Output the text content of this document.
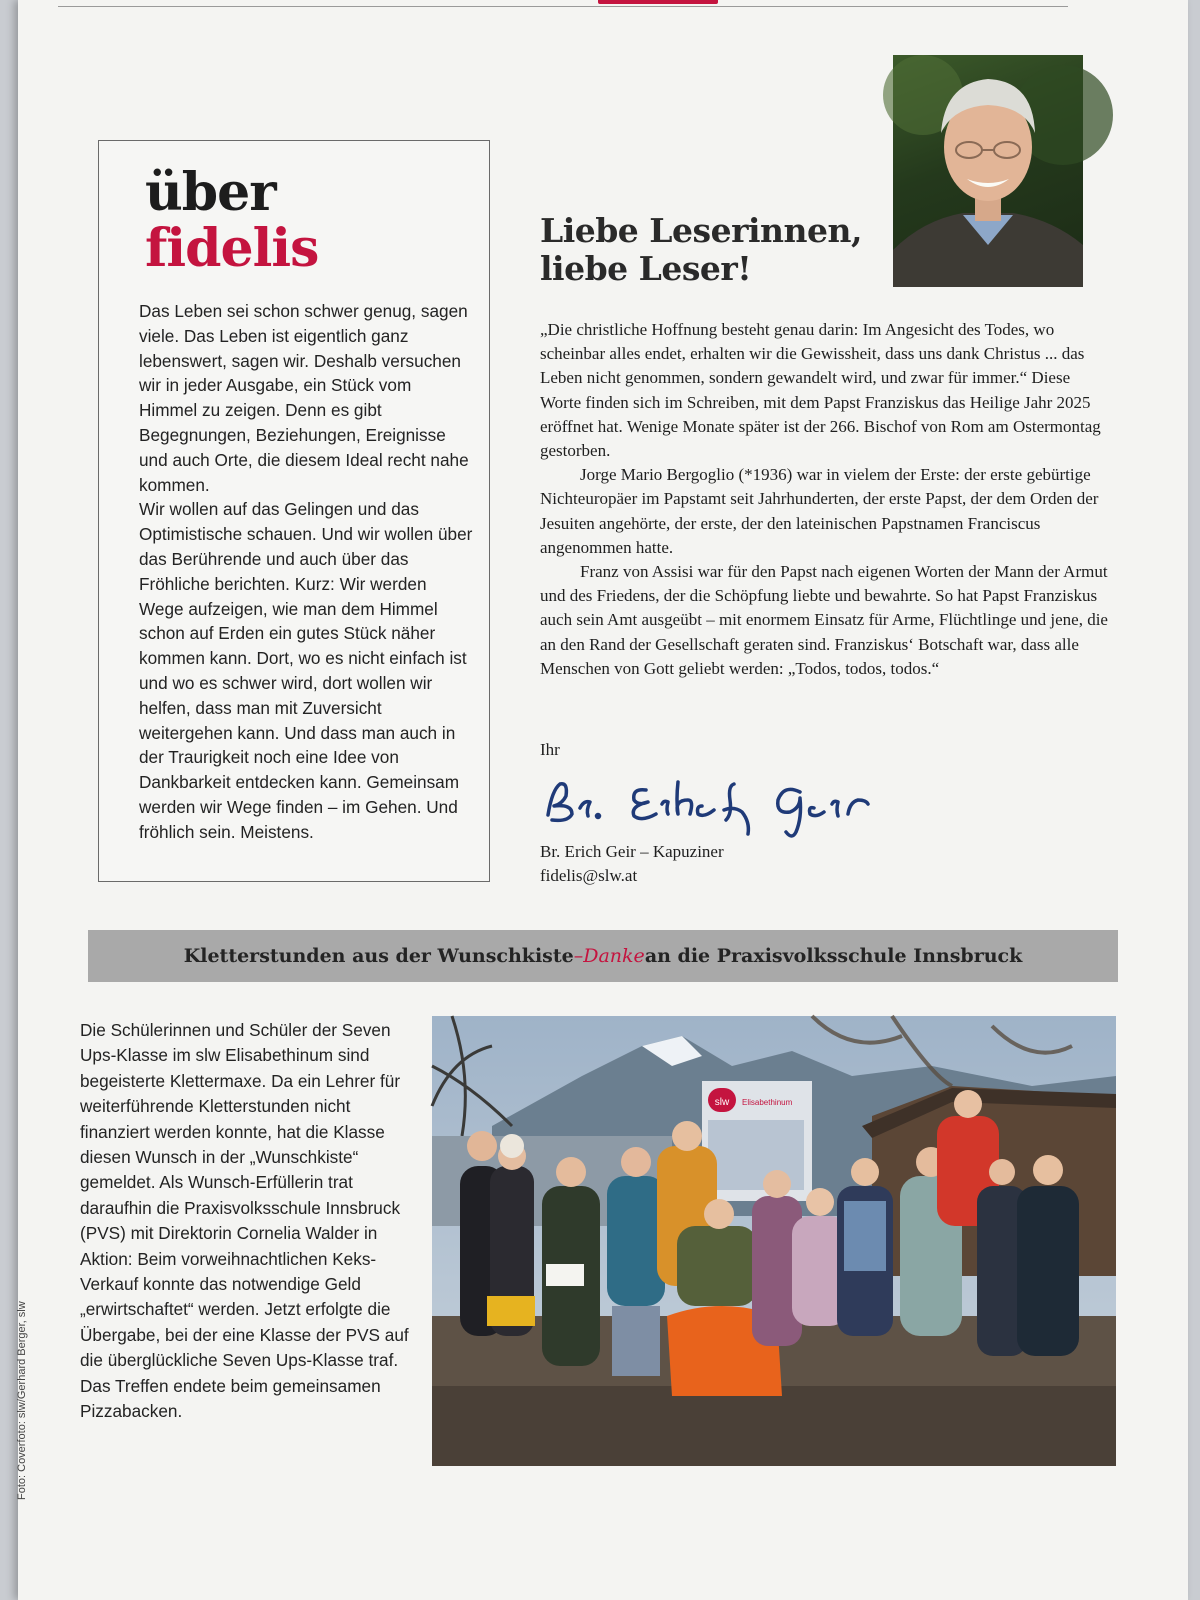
über
fidelis

Das Leben sei schon schwer genug, sagen viele. Das Leben ist eigentlich ganz lebenswert, sagen wir. Deshalb versuchen wir in jeder Ausgabe, ein Stück vom Himmel zu zeigen. Denn es gibt Begegnungen, Beziehungen, Ereignisse und auch Orte, die diesem Ideal recht nahe kommen.

Wir wollen auf das Gelingen und das Optimistische schauen. Und wir wollen über das Berührende und auch über das Fröhliche berichten. Kurz: Wir werden Wege aufzeigen, wie man dem Himmel schon auf Erden ein gutes Stück näher kommen kann. Dort, wo es nicht einfach ist und wo es schwer wird, dort wollen wir helfen, dass man mit Zuversicht weitergehen kann. Und dass man auch in der Traurigkeit noch eine Idee von Dankbarkeit entdecken kann. Gemeinsam werden wir Wege finden – im Gehen. Und fröhlich sein. Meistens.

Liebe Leserinnen,
liebe Leser!

„Die christliche Hoffnung besteht genau darin: Im Angesicht des Todes, wo scheinbar alles endet, erhalten wir die Gewissheit, dass uns dank Christus ... das Leben nicht genommen, sondern gewandelt wird, und zwar für immer.“ Diese Worte finden sich im Schreiben, mit dem Papst Franziskus das Heilige Jahr 2025 eröffnet hat. Wenige Monate später ist der 266. Bischof von Rom am Ostermontag gestorben.

Jorge Mario Bergoglio (*1936) war in vielem der Erste: der erste gebürtige Nichteuropäer im Papstamt seit Jahrhunderten, der erste Papst, der dem Orden der Jesuiten angehörte, der erste, der den lateinischen Papstnamen Franciscus angenommen hatte.

Franz von Assisi war für den Papst nach eigenen Worten der Mann der Armut und des Friedens, der die Schöpfung liebte und bewahrte. So hat Papst Franziskus auch sein Amt ausgeübt – mit enormem Einsatz für Arme, Flüchtlinge und jene, die an den Rand der Gesellschaft geraten sind. Franziskus‘ Botschaft war, dass alle Menschen von Gott geliebt werden: „Todos, todos, todos.“

Ihr
Br. Erich Geir – Kapuziner
fidelis@slw.at
Kletterstunden aus der Wunschkiste – Danke an die Praxisvolksschule Innsbruck

Die Schülerinnen und Schüler der Seven Ups-Klasse im slw Elisabethinum sind begeisterte Klettermaxe. Da ein Lehrer für weiterführende Kletterstunden nicht finanziert werden konnte, hat die Klasse diesen Wunsch in der „Wunschkiste“ gemeldet. Als Wunsch-Erfüllerin trat daraufhin die Praxisvolksschule Innsbruck (PVS) mit Direktorin Cornelia Walder in Aktion: Beim vorweihnachtlichen Keks-Verkauf konnte das notwendige Geld „erwirtschaftet“ werden. Jetzt erfolgte die Übergabe, bei der eine Klasse der PVS auf die überglückliche Seven Ups-Klasse traf. Das Treffen endete beim gemeinsamen Pizzabacken.

slw Elisabethinum
Foto: Coverfoto: slw/Gerhard Berger, slw
